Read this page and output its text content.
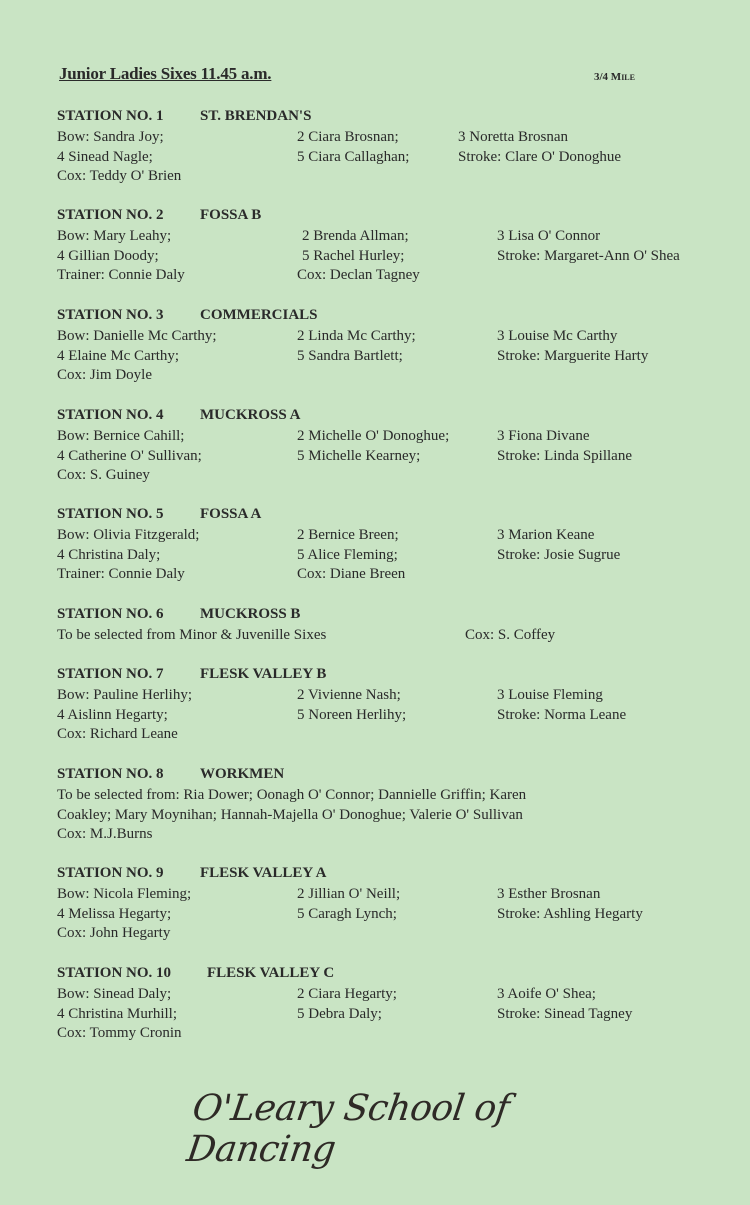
Junior Ladies Sixes 11.45 a.m.	3/4 Mile
STATION NO. 1 ST. BRENDAN'S
Bow: Sandra Joy;	2 Ciara Brosnan;	3 Noretta Brosnan
4 Sinead Nagle;	5 Ciara Callaghan;	Stroke: Clare O' Donoghue
Cox: Teddy O' Brien
STATION NO. 2 FOSSA B
Bow: Mary Leahy;	2 Brenda Allman;	3 Lisa O' Connor
4 Gillian Doody;	5 Rachel Hurley;	Stroke: Margaret-Ann O' Shea
Trainer: Connie Daly	Cox: Declan Tagney
STATION NO. 3 COMMERCIALS
Bow: Danielle Mc Carthy;	2 Linda Mc Carthy;	3 Louise Mc Carthy
4 Elaine Mc Carthy;	5 Sandra Bartlett;	Stroke: Marguerite Harty
Cox: Jim Doyle
STATION NO. 4 MUCKROSS A
Bow: Bernice Cahill;	2 Michelle O' Donoghue;	3 Fiona Divane
4 Catherine O' Sullivan;	5 Michelle Kearney;	Stroke: Linda Spillane
Cox: S. Guiney
STATION NO. 5 FOSSA A
Bow: Olivia Fitzgerald;	2 Bernice Breen;	3 Marion Keane
4 Christina Daly;	5 Alice Fleming;	Stroke: Josie Sugrue
Trainer: Connie Daly	Cox: Diane Breen
STATION NO. 6 MUCKROSS B
To be selected from Minor & Juvenille Sixes	Cox: S. Coffey
STATION NO. 7 FLESK VALLEY B
Bow: Pauline Herlihy;	2 Vivienne Nash;	3 Louise Fleming
4 Aislinn Hegarty;	5 Noreen Herlihy;	Stroke: Norma Leane
Cox: Richard Leane
STATION NO. 8 WORKMEN
To be selected from: Ria Dower; Oonagh O' Connor; Dannielle Griffin; Karen
Coakley; Mary Moynihan; Hannah-Majella O' Donoghue; Valerie O' Sullivan
Cox: M.J.Burns
STATION NO. 9 FLESK VALLEY A
Bow: Nicola Fleming;	2 Jillian O' Neill;	3 Esther Brosnan
4 Melissa Hegarty;	5 Caragh Lynch;	Stroke: Ashling Hegarty
Cox: John Hegarty
STATION NO. 10 FLESK VALLEY C
Bow: Sinead Daly;	2 Ciara Hegarty;	3 Aoife O' Shea;
4 Christina Murhill;	5 Debra Daly;	Stroke: Sinead Tagney
Cox: Tommy Cronin
O'Leary School of Dancing
